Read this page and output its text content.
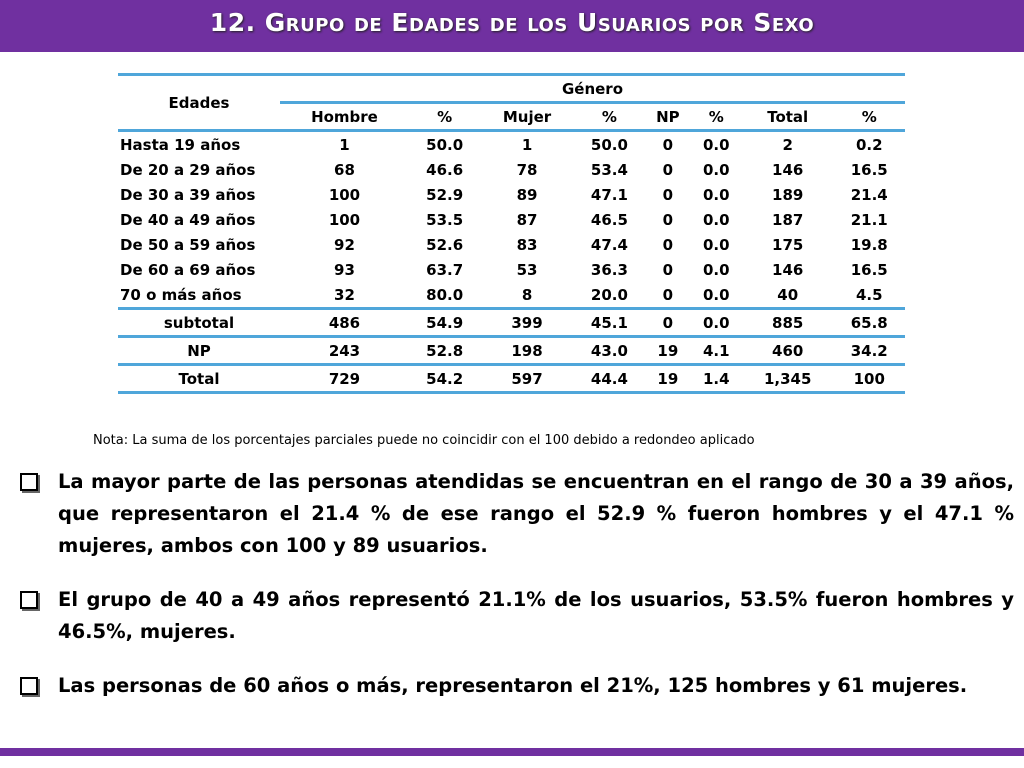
12. Grupo de Edades de los Usuarios por Sexo
Edades	Género							
	Hombre	%	Mujer	%	NP	%	Total	%
Hasta 19 años	1	50.0	1	50.0	0	0.0	2	0.2
De 20 a 29 años	68	46.6	78	53.4	0	0.0	146	16.5
De 30 a 39 años	100	52.9	89	47.1	0	0.0	189	21.4
De 40 a 49 años	100	53.5	87	46.5	0	0.0	187	21.1
De 50 a 59 años	92	52.6	83	47.4	0	0.0	175	19.8
De 60 a 69 años	93	63.7	53	36.3	0	0.0	146	16.5
70 o más años	32	80.0	8	20.0	0	0.0	40	4.5
subtotal	486	54.9	399	45.1	0	0.0	885	65.8
NP	243	52.8	198	43.0	19	4.1	460	34.2
Total	729	54.2	597	44.4	19	1.4	1,345	100
Nota: La suma de los porcentajes parciales puede no coincidir con el 100 debido a redondeo aplicado
La mayor parte de las personas atendidas se encuentran en el rango de 30 a 39 años, que representaron el 21.4 % de ese rango el 52.9 % fueron hombres y el 47.1 % mujeres, ambos con 100 y 89 usuarios.
El grupo de 40 a 49 años representó 21.1% de los usuarios, 53.5% fueron hombres y 46.5%, mujeres.
Las personas de 60 años o más, representaron el 21%, 125 hombres y 61 mujeres.
